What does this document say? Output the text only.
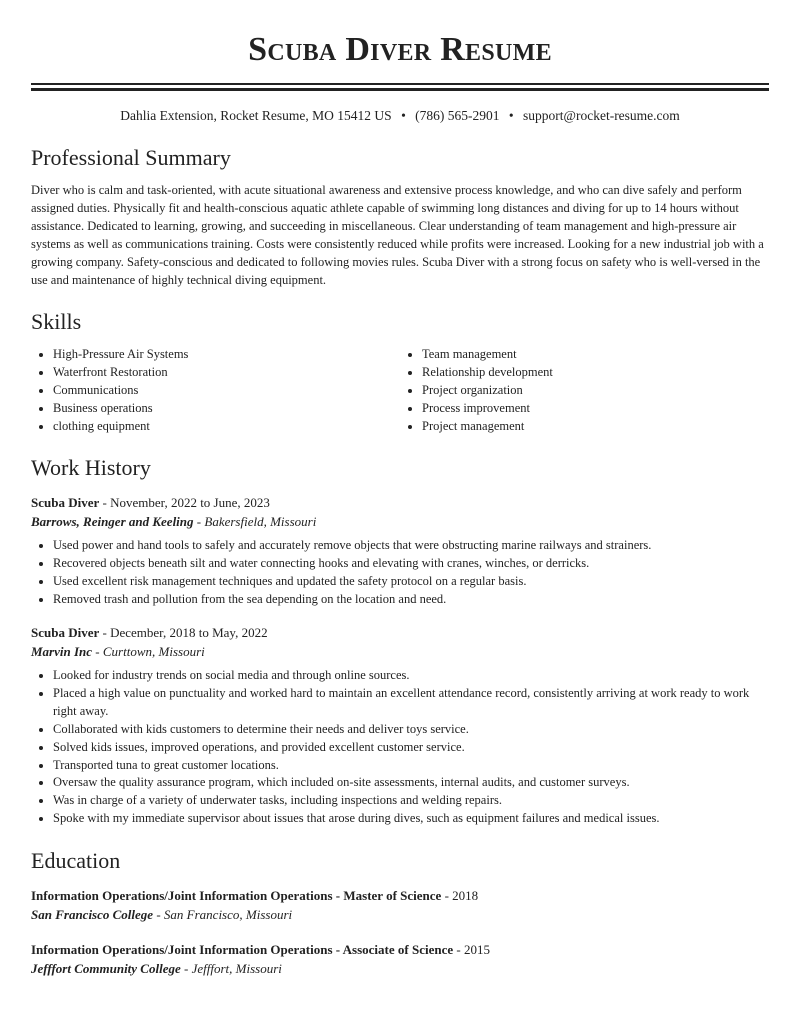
Scuba Diver Resume
Dahlia Extension, Rocket Resume, MO 15412 US • (786) 565-2901 • support@rocket-resume.com
Professional Summary
Diver who is calm and task-oriented, with acute situational awareness and extensive process knowledge, and who can dive safely and perform assigned duties. Physically fit and health-conscious aquatic athlete capable of swimming long distances and diving for up to 14 hours without assistance. Dedicated to learning, growing, and succeeding in miscellaneous. Clear understanding of team management and high-pressure air systems as well as communications training. Costs were consistently reduced while profits were increased. Looking for a new industrial job with a growing company. Safety-conscious and dedicated to following movies rules. Scuba Diver with a strong focus on safety who is well-versed in the use and maintenance of highly technical diving equipment.
Skills
• High-Pressure Air Systems
• Waterfront Restoration
• Communications
• Business operations
• clothing equipment
• Team management
• Relationship development
• Project organization
• Process improvement
• Project management
Work History
Scuba Diver - November, 2022 to June, 2023
Barrows, Reinger and Keeling - Bakersfield, Missouri
• Used power and hand tools to safely and accurately remove objects that were obstructing marine railways and strainers.
• Recovered objects beneath silt and water connecting hooks and elevating with cranes, winches, or derricks.
• Used excellent risk management techniques and updated the safety protocol on a regular basis.
• Removed trash and pollution from the sea depending on the location and need.
Scuba Diver - December, 2018 to May, 2022
Marvin Inc - Curttown, Missouri
• Looked for industry trends on social media and through online sources.
• Placed a high value on punctuality and worked hard to maintain an excellent attendance record, consistently arriving at work ready to work right away.
• Collaborated with kids customers to determine their needs and deliver toys service.
• Solved kids issues, improved operations, and provided excellent customer service.
• Transported tuna to great customer locations.
• Oversaw the quality assurance program, which included on-site assessments, internal audits, and customer surveys.
• Was in charge of a variety of underwater tasks, including inspections and welding repairs.
• Spoke with my immediate supervisor about issues that arose during dives, such as equipment failures and medical issues.
Education
Information Operations/Joint Information Operations - Master of Science - 2018
San Francisco College - San Francisco, Missouri
Information Operations/Joint Information Operations - Associate of Science - 2015
Jefffort Community College - Jefffort, Missouri
